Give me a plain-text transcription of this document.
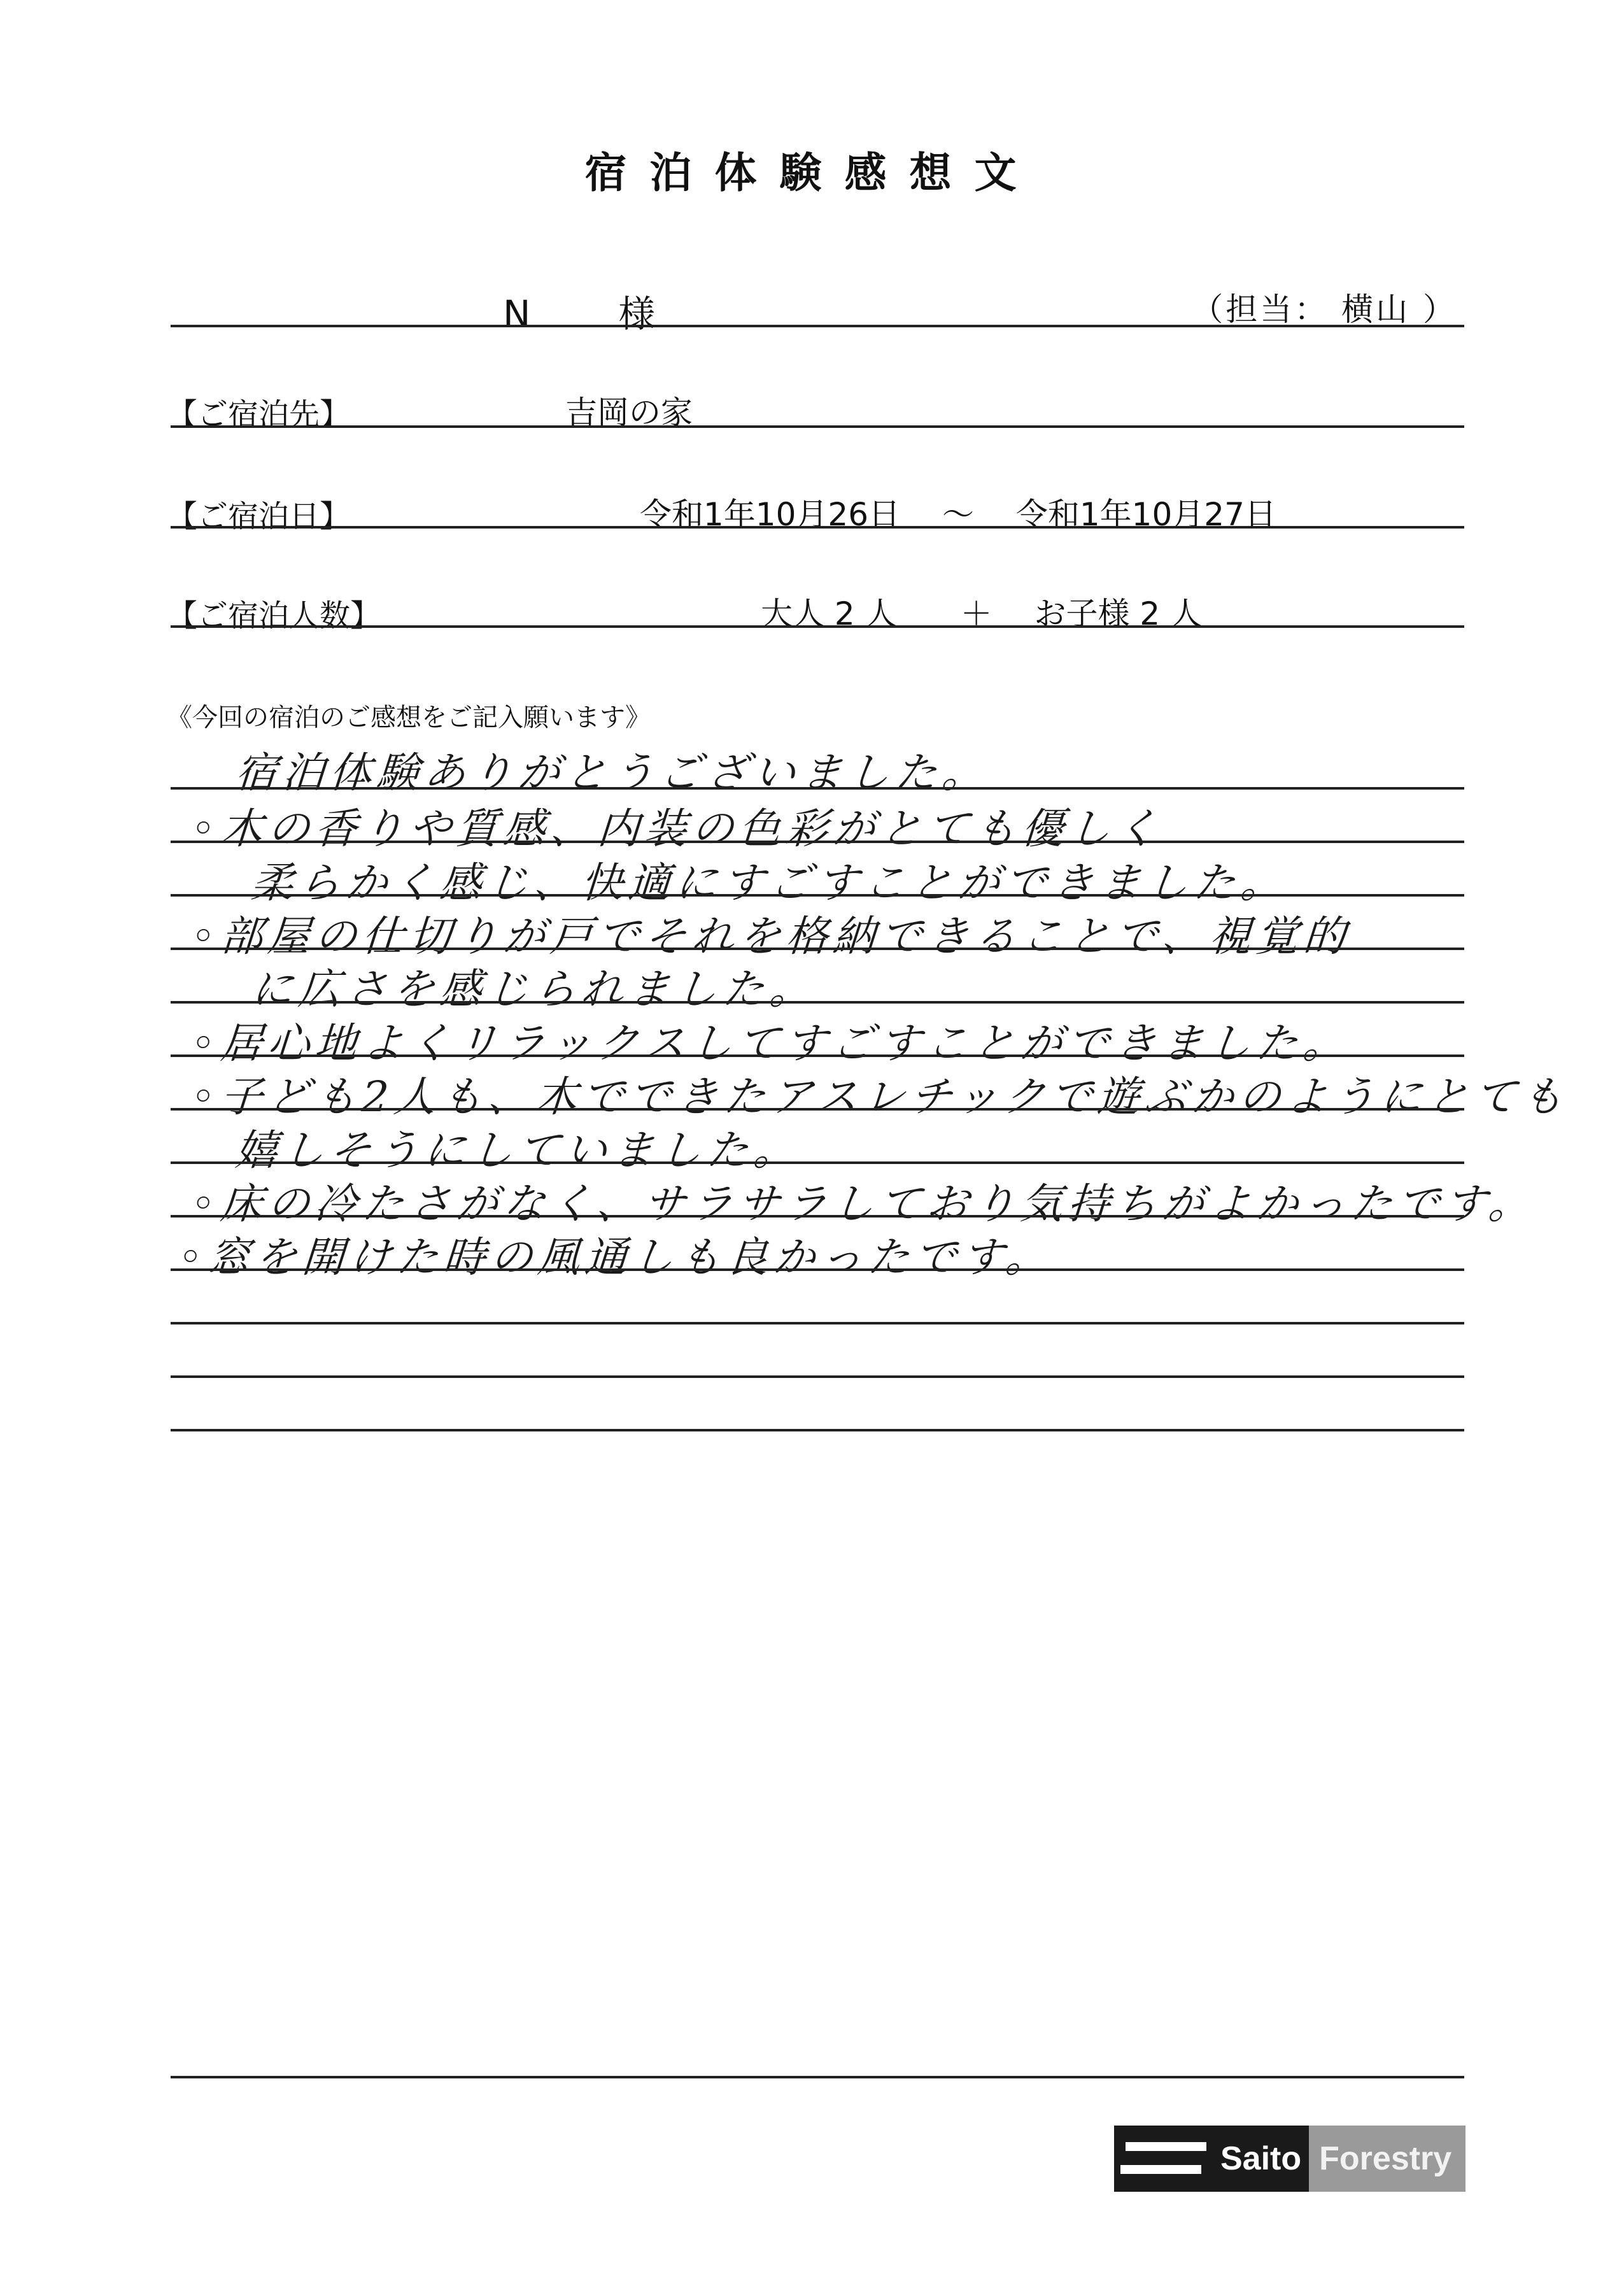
宿泊体験感想文
N　様	（担当： 横山 ）
【ご宿泊先】	吉岡の家
【ご宿泊日】	令和1年10月26日　 ～　 令和1年10月27日
【ご宿泊人数】	大人 2 人　　＋　 お子様 2 人
《今回の宿泊のご感想をご記入願います》
宿泊体験ありがとうございました。
◦木の香りや質感、内装の色彩がとても優しく
柔らかく感じ、快適にすごすことができました。
◦部屋の仕切りが戸でそれを格納できることで、視覚的
に広さを感じられました。
◦居心地よくリラックスしてすごすことができました。
◦子ども2人も、木でできたアスレチックで遊ぶかのようにとても
嬉しそうにしていました。
◦床の冷たさがなく、サラサラしており気持ちがよかったです。
◦窓を開けた時の風通しも良かったです。
Saito Forestry
